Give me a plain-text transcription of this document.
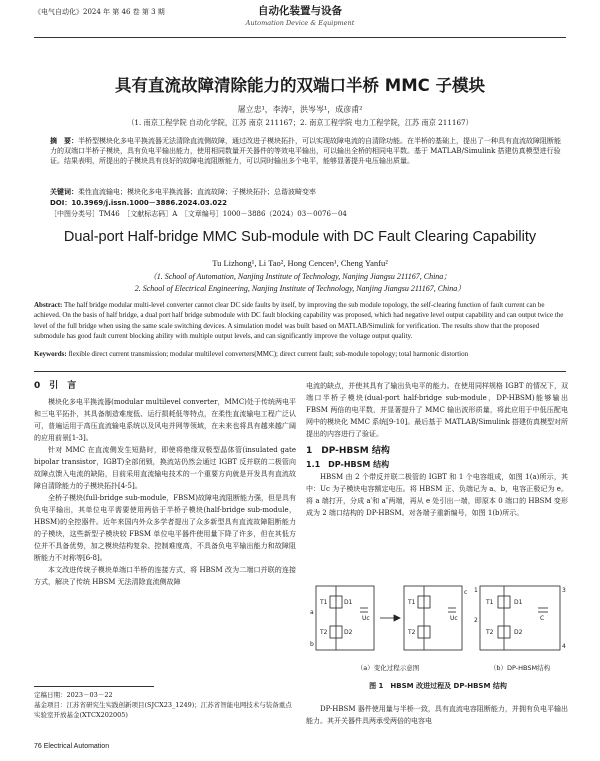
《电气自动化》2024 年 第 46 卷 第 3 期	自动化装置与设备
Automation Device & Equipment
具有直流故障清除能力的双端口半桥 MMC 子模块
屠立忠¹，李涛²，洪岑岑¹，成彦甫²
（1. 南京工程学院 自动化学院，江苏 南京 211167；2. 南京工程学院 电力工程学院，江苏 南京 211167）
摘　要：半桥型模块化多电平换流器无法清除直流侧故障，通过改进子模块拓扑，可以实现故障电流的自清除功能。在半桥的基础上，提出了一种具有直流故障阻断能力的双端口半桥子模块，具有负电平输出能力，使用相同数量开关器件的等效电平输出，可以输出全桥的相同电平数。基于 MATLAB/Simulink 搭建仿真模型进行验证。结果表明，所提出的子模块具有良好的故障电流阻断能力，可以同时输出多个电平，能够显著提升电压输出质量。
关键词：柔性直流输电；模块化多电平换流器；直流故障；子模块拓扑；总谐波畸变率
DOI：10.3969/j.issn.1000－3886.2024.03.022
［中图分类号］TM46　［文献标志码］A　［文章编号］1000－3886（2024）03－0076－04
Dual-port Half-bridge MMC Sub-module with DC Fault Clearing Capability
Tu Lizhong¹, Li Tao², Hong Cencen¹, Cheng Yanfu²
（1. School of Automation, Nanjing Institute of Technology, Nanjing Jiangsu 211167, China；
2. School of Electrical Engineering, Nanjing Institute of Technology, Nanjing Jiangsu 211167, China）
Abstract: The half bridge modular multi-level converter cannot clear DC side faults by itself, by improving the sub module topology, the self-clearing function of fault current can be achieved. On the basis of half bridge, a dual port half bridge submodule with DC fault blocking capability was proposed, which had negative level output capability and can output twice the level of the full bridge when using the same scale switching devices. A simulation model was built based on MATLAB/Simulink for verification. The results show that the proposed submodule has good fault current blocking ability with multiple output levels, and can significantly improve the voltage output quality.
Keywords: flexible direct current transmission; modular multilevel converters(MMC); direct current fault; sub-module topology; total harmonic distortion
0　引　言

模块化多电平换流器(modular multilevel converter，MMC)处于传统两电平和三电平拓扑，其具备制造难度低、运行损耗低等特点，在柔性直流输电工程广泛认可，普遍运用于高压直流输电系统以及风电并网等领域，在未来也将具有越来越广阔的应用前景[1-3]。

针对 MMC 在直流侧发生短路时，即使将绝缘双极型晶体管(insulated gate bipolar transistor，IGBT)全部闭锁，换流站仍然会通过 IGBT 反并联的二极管向故障点馈入电流的缺陷，目前采用直流输电技术的一个重要方向就是开发具有直流故障自清除能力的子模块拓扑[4-5]。

全桥子模块(full-bridge sub-module，FBSM)故障电流阻断能力强，但是具有负电平输出，其单位电平需要使用两倍于半桥子模块(half-bridge sub-module，HBSM)的全控器件。近年来国内外众多学者提出了众多新型具有直流故障阻断能力的子模块，这些新型子模块较 FBSM 单位电平器件使用量下降了许多，但在其低方位并不具备优势，加之模块结构复杂、控制难度高，不具备负电平输出能力和故障阻断能力不对称等[6-8]。

本文改进传统子模块单端口半桥的连接方式，将 HBSM 改为二端口并联的连接方式，解决了传统 HBSM 无法清除直流侧故障

定稿日期：2023－03－22
基金项目：江苏省研究生实践创新项目(SJCX23_1249)；江苏省智能电网技术与装备重点实验室开放基金(XTCX202005)

电流的缺点，并使其具有了输出负电平的能力。在使用同样规格 IGBT 的情况下，双端口半桥子模块(dual-port half-bridge sub-module，DP-HBSM)能够输出 FBSM 两倍的电平数，并显著提升了 MMC 输出波形质量，将此应用于中低压配电网中的模块化 MMC 系统[9-10]。最后基于 MATLAB/Simulink 搭建仿真模型对所提出的内容进行了验证。

1　DP-HBSM 结构
1.1　DP-HBSM 结构

HBSM 由 2 个带反并联二极管的 IGBT 和 1 个电容组成，如图 1(a)所示，其中：Uc 为子模块电容额定电压。将 HBSM 正、负端记为 a、b，电容正极记为 e。将 a 端打开，分成 a′和 a″两端，再从 e 处引出一端，即原本 0 端口的 HBSM 变形成为 2 端口结构的 DP-HBSM。对各端子重新编号，如图 1(b)所示。

T1
T2
D1
D2
Uc
a
b
T1
T2
Uc
c
T1
T2
D1
D2
C
1
2
3
4
（a）变化过程示意图	（b）DP-HBSM结构
图 1　HBSM 改进过程及 DP-HBSM 结构

DP-HBSM 器件使用量与半桥一致，具有直流电容阻断能力，并拥有负电平输出能力。其开关器件具两承受两倍的电容电

76 Electrical Automation
